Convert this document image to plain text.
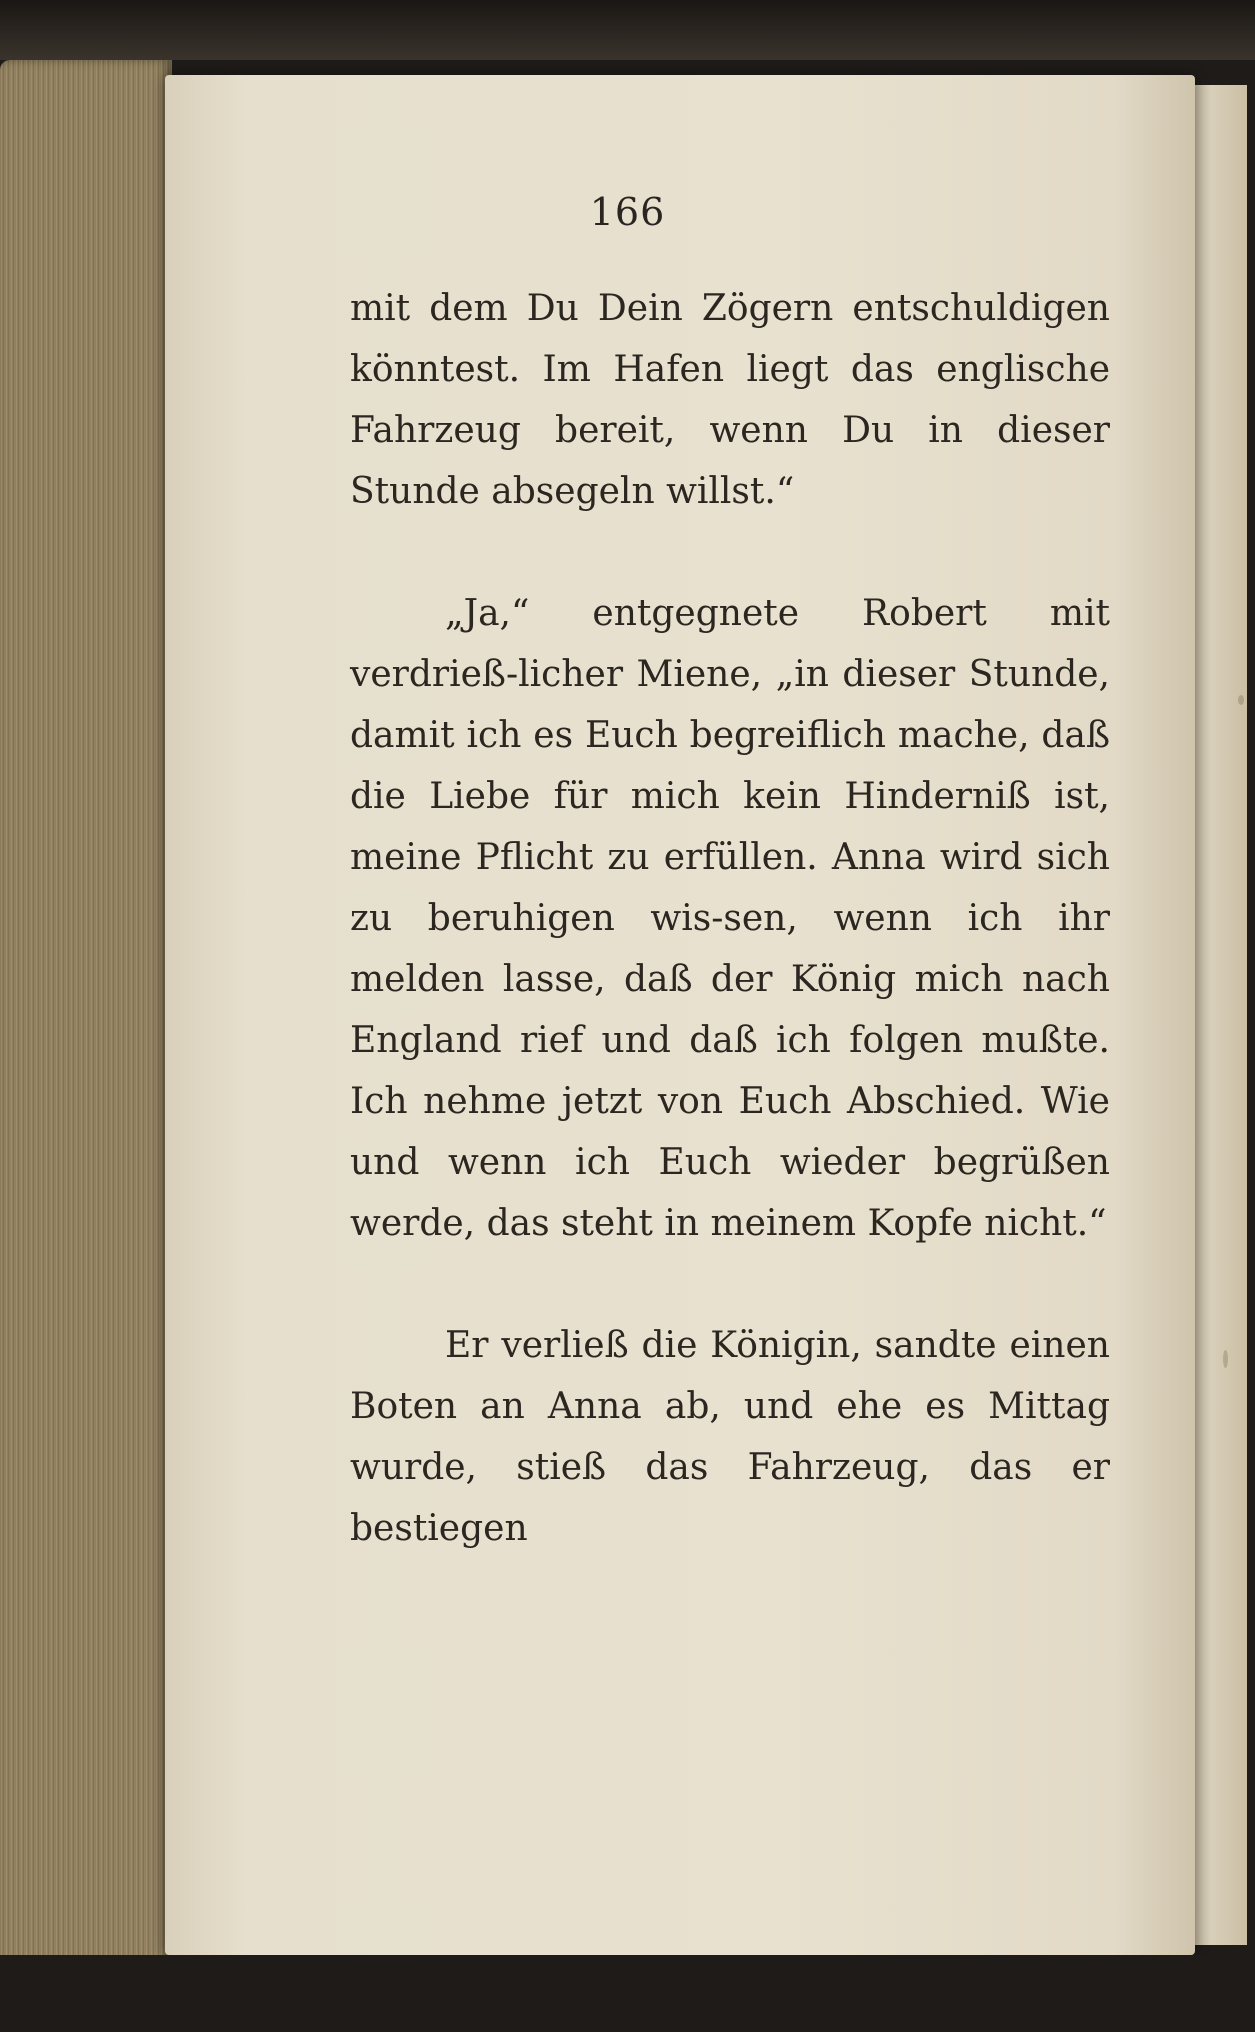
166

mit dem Du Dein Zögern entschuldigen könntest. Im Hafen liegt das englische Fahrzeug bereit, wenn Du in dieser Stunde absegeln willst.“

„Ja,“ entgegnete Robert mit verdrieß-licher Miene, „in dieser Stunde, damit ich es Euch begreiflich mache, daß die Liebe für mich kein Hinderniß ist, meine Pflicht zu erfüllen. Anna wird sich zu beruhigen wis-sen, wenn ich ihr melden lasse, daß der König mich nach England rief und daß ich folgen mußte. Ich nehme jetzt von Euch Abschied. Wie und wenn ich Euch wieder begrüßen werde, das steht in meinem Kopfe nicht.“

Er verließ die Königin, sandte einen Boten an Anna ab, und ehe es Mittag wurde, stieß das Fahrzeug, das er bestiegen
